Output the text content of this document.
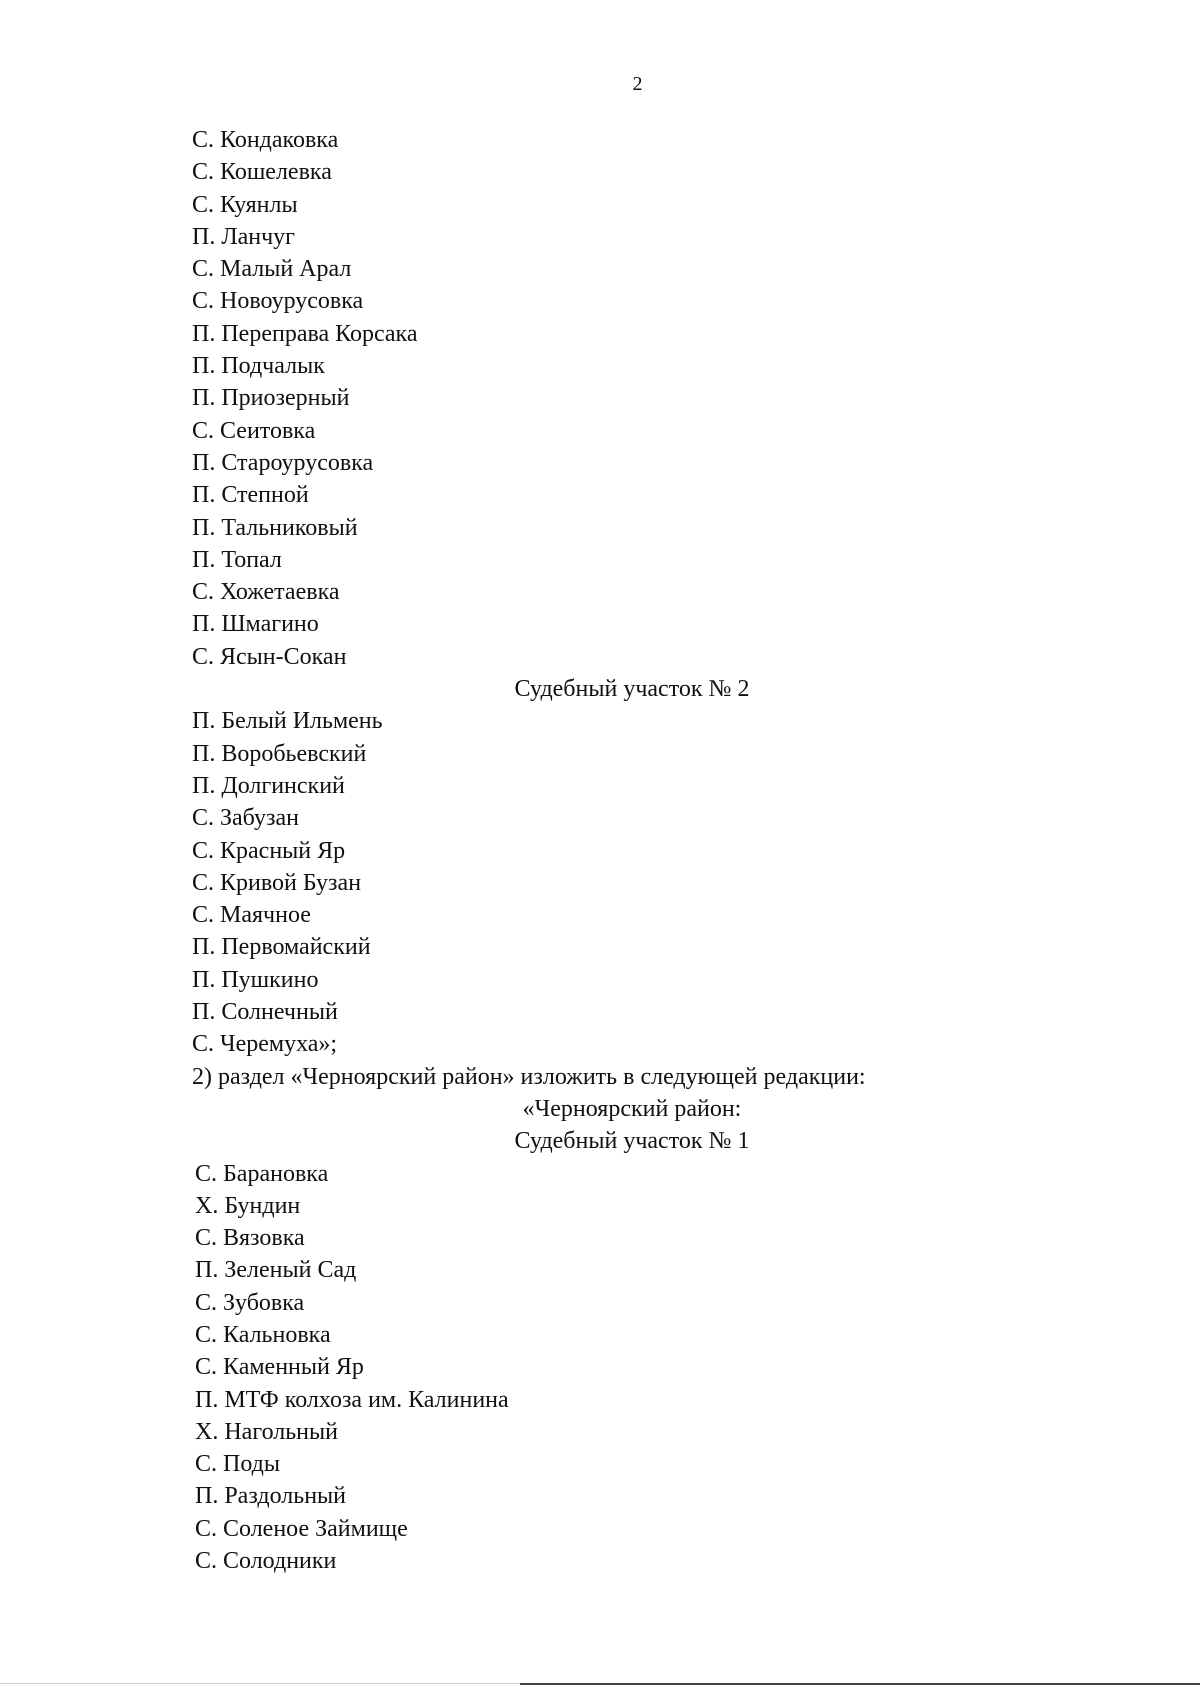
2
С. Кондаковка
С. Кошелевка
С. Куянлы
П. Ланчуг
С. Малый Арал
С. Новоурусовка
П. Переправа Корсака
П. Подчалык
П. Приозерный
С. Сеитовка
П. Староурусовка
П. Степной
П. Тальниковый
П. Топал
С. Хожетаевка
П. Шмагино
С. Ясын-Сокан
Судебный участок № 2
П. Белый Ильмень
П. Воробьевский
П. Долгинский
С. Забузан
С. Красный Яр
С. Кривой Бузан
С. Маячное
П. Первомайский
П. Пушкино
П. Солнечный
С. Черемуха»;
2) раздел «Черноярский район» изложить в следующей редакции:
«Черноярский район:
Судебный участок № 1
С. Барановка
Х. Бундин
С. Вязовка
П. Зеленый Сад
С. Зубовка
С. Кальновка
С. Каменный Яр
П. МТФ колхоза им. Калинина
Х. Нагольный
С. Поды
П. Раздольный
С. Соленое Займище
С. Солодники
